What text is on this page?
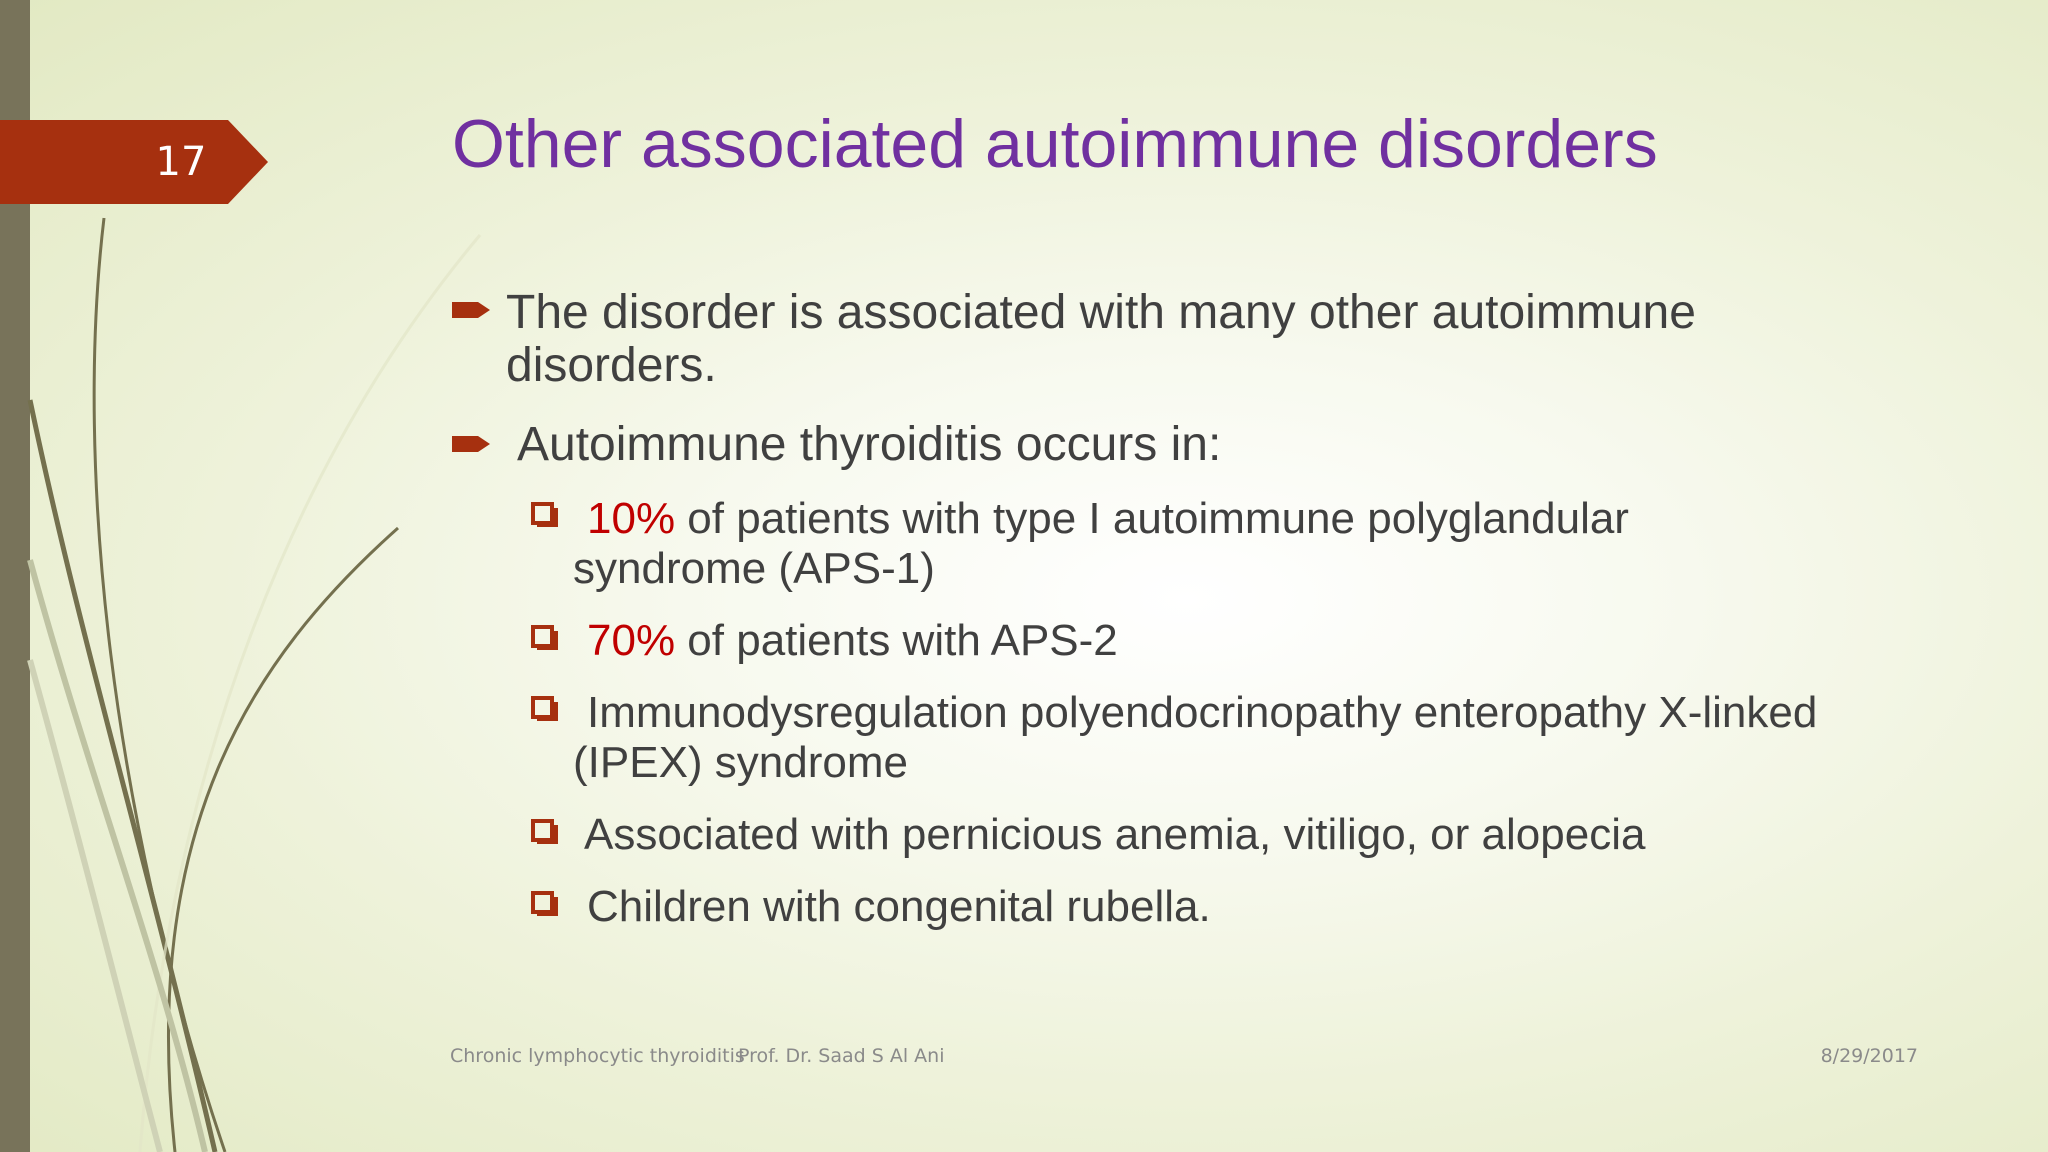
17	Other associated autoimmune disorders
The disorder is associated with many other autoimmune
disorders.
Autoimmune thyroiditis occurs in:
10% of patients with type I autoimmune polyglandular
syndrome (APS-1)
70% of patients with APS-2
Immunodysregulation polyendocrinopathy enteropathy X-linked
(IPEX) syndrome
Associated with pernicious anemia, vitiligo, or alopecia
Children with congenital rubella.
Chronic lymphocytic thyroiditis
Prof. Dr. Saad S Al Ani	8/29/2017
